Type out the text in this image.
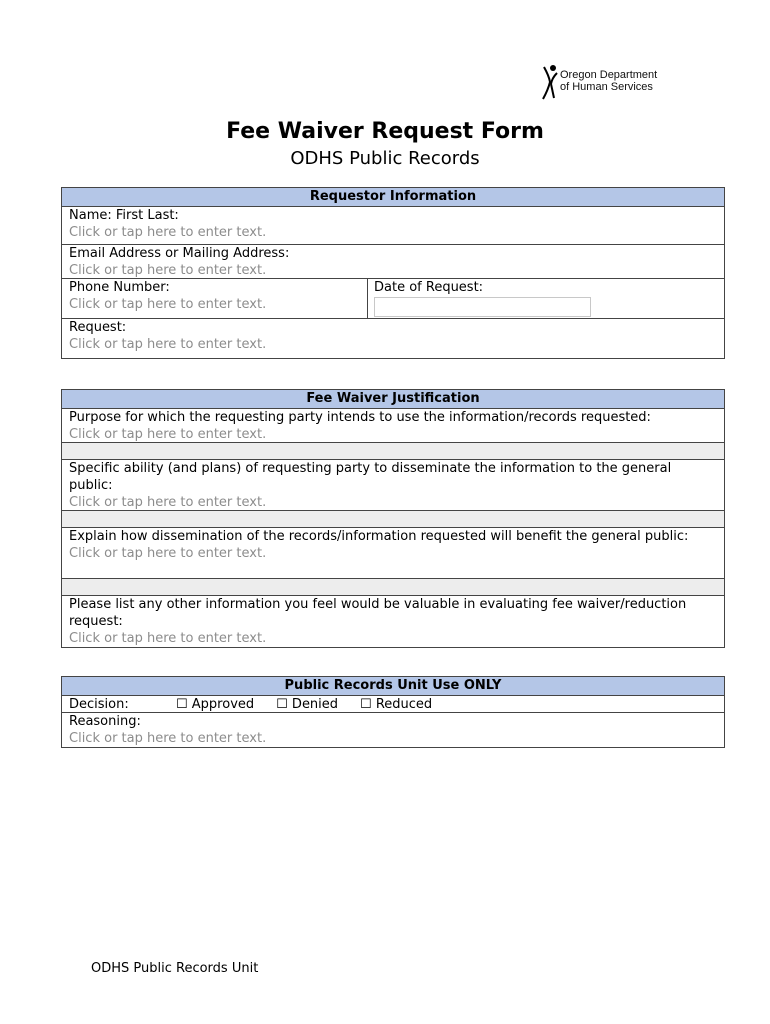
Oregon Department
of Human Services
Fee Waiver Request Form
ODHS Public Records
Requestor Information
Name: First Last:
Click or tap here to enter text.
Email Address or Mailing Address:
Click or tap here to enter text.
Phone Number:
Click or tap here to enter text.
Date of Request:
Request:
Click or tap here to enter text.
Fee Waiver Justification
Purpose for which the requesting party intends to use the information/records requested:
Click or tap here to enter text.
Specific ability (and plans) of requesting party to disseminate the information to the general public:
Click or tap here to enter text.
Explain how dissemination of the records/information requested will benefit the general public:
Click or tap here to enter text.
Please list any other information you feel would be valuable in evaluating fee waiver/reduction request:
Click or tap here to enter text.
Public Records Unit Use ONLY
Decision:	☐ Approved ☐ Denied ☐ Reduced
Reasoning:
Click or tap here to enter text.
ODHS Public Records Unit
